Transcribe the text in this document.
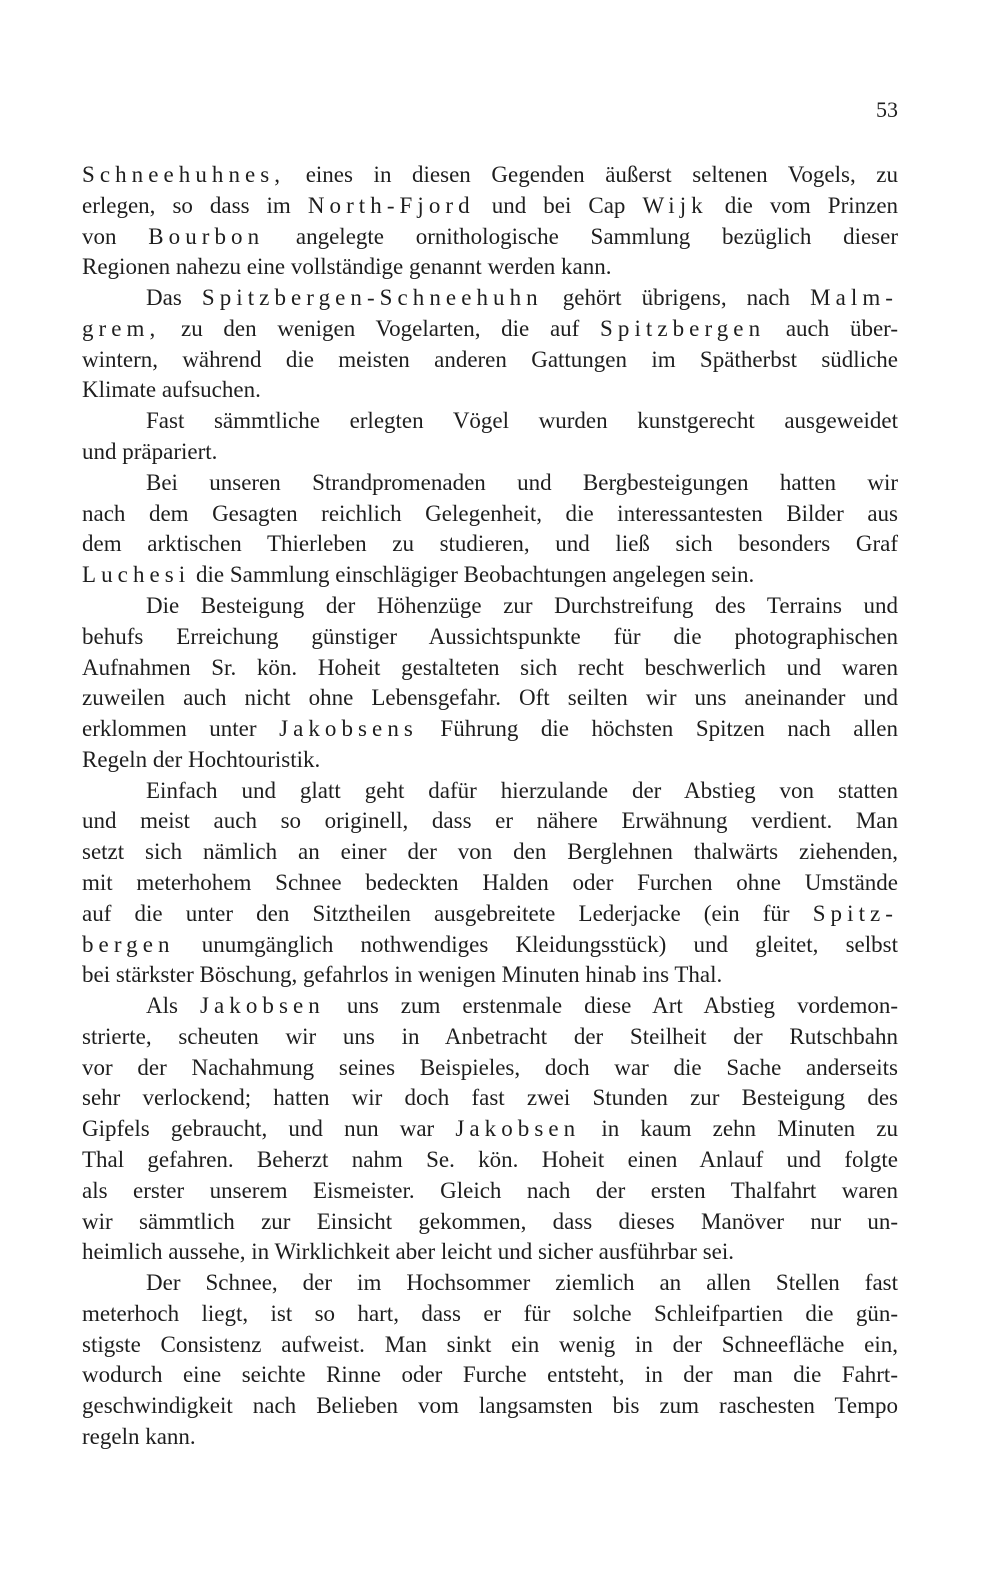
53
Schneehuhnes, eines in diesen Gegenden äußerst seltenen Vogels, zu
erlegen, so dass im North-Fjord und bei Cap Wijk die vom Prinzen
von Bourbon angelegte ornithologische Sammlung bezüglich dieser
Regionen nahezu eine vollständige genannt werden kann.
Das Spitzbergen-Schneehuhn gehört übrigens, nach Malm-
grem, zu den wenigen Vogelarten, die auf Spitzbergen auch über-
wintern, während die meisten anderen Gattungen im Spätherbst südliche
Klimate aufsuchen.
Fast sämmtliche erlegten Vögel wurden kunstgerecht ausgeweidet
und präpariert.
Bei unseren Strandpromenaden und Bergbesteigungen hatten wir
nach dem Gesagten reichlich Gelegenheit, die interessantesten Bilder aus
dem arktischen Thierleben zu studieren, und ließ sich besonders Graf
Luchesi die Sammlung einschlägiger Beobachtungen angelegen sein.
Die Besteigung der Höhenzüge zur Durchstreifung des Terrains und
behufs Erreichung günstiger Aussichtspunkte für die photographischen
Aufnahmen Sr. kön. Hoheit gestalteten sich recht beschwerlich und waren
zuweilen auch nicht ohne Lebensgefahr. Oft seilten wir uns aneinander und
erklommen unter Jakobsens Führung die höchsten Spitzen nach allen
Regeln der Hochtouristik.
Einfach und glatt geht dafür hierzulande der Abstieg von statten
und meist auch so originell, dass er nähere Erwähnung verdient. Man
setzt sich nämlich an einer der von den Berglehnen thalwärts ziehenden,
mit meterhohem Schnee bedeckten Halden oder Furchen ohne Umstände
auf die unter den Sitztheilen ausgebreitete Lederjacke (ein für Spitz-
bergen unumgänglich nothwendiges Kleidungsstück) und gleitet, selbst
bei stärkster Böschung, gefahrlos in wenigen Minuten hinab ins Thal.
Als Jakobsen uns zum erstenmale diese Art Abstieg vordemon-
strierte, scheuten wir uns in Anbetracht der Steilheit der Rutschbahn
vor der Nachahmung seines Beispieles, doch war die Sache anderseits
sehr verlockend; hatten wir doch fast zwei Stunden zur Besteigung des
Gipfels gebraucht, und nun war Jakobsen in kaum zehn Minuten zu
Thal gefahren. Beherzt nahm Se. kön. Hoheit einen Anlauf und folgte
als erster unserem Eismeister. Gleich nach der ersten Thalfahrt waren
wir sämmtlich zur Einsicht gekommen, dass dieses Manöver nur un-
heimlich aussehe, in Wirklichkeit aber leicht und sicher ausführbar sei.
Der Schnee, der im Hochsommer ziemlich an allen Stellen fast
meterhoch liegt, ist so hart, dass er für solche Schleifpartien die gün-
stigste Consistenz aufweist. Man sinkt ein wenig in der Schneefläche ein,
wodurch eine seichte Rinne oder Furche entsteht, in der man die Fahrt-
geschwindigkeit nach Belieben vom langsamsten bis zum raschesten Tempo
regeln kann.
